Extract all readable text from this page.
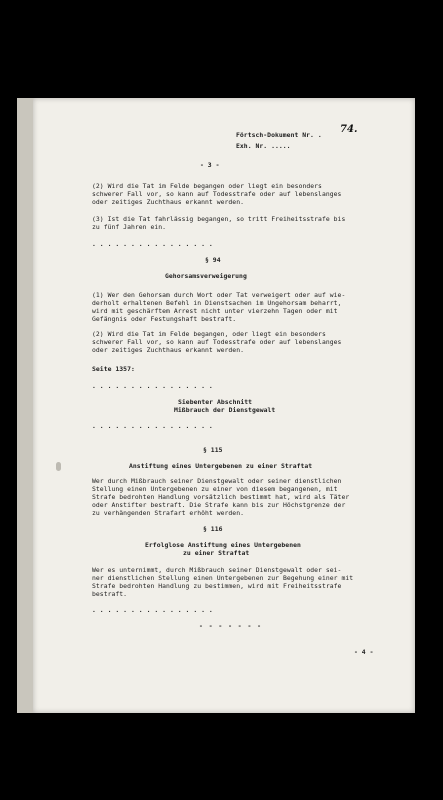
Förtsch-Dokument Nr. . 74.
Exh. Nr. .....
- 3 -
(2) Wird die Tat im Felde begangen oder liegt ein besonders
schwerer Fall vor, so kann auf Todesstrafe oder auf lebenslanges
oder zeitiges Zuchthaus erkannt werden.
(3) Ist die Tat fahrlässig begangen, so tritt Freiheitsstrafe bis
zu fünf Jahren ein.
. . . . . . . . . . . . . . . .
§ 94
Gehorsamsverweigerung
(1) Wer den Gehorsam durch Wort oder Tat verweigert oder auf wie-
derholt erhaltenen Befehl in Dienstsachen im Ungehorsam beharrt,
wird mit geschärftem Arrest nicht unter vierzehn Tagen oder mit
Gefängnis oder Festungshaft bestraft.
(2) Wird die Tat im Felde begangen, oder liegt ein besonders
schwerer Fall vor, so kann auf Todesstrafe oder auf lebenslanges
oder zeitiges Zuchthaus erkannt werden.
Seite 1357:
. . . . . . . . . . . . . . . .
Siebenter Abschnitt
Mißbrauch der Dienstgewalt
. . . . . . . . . . . . . . . .
§ 115
Anstiftung eines Untergebenen zu einer Straftat
Wer durch Mißbrauch seiner Dienstgewalt oder seiner dienstlichen
Stellung einen Untergebenen zu einer von diesem begangenen, mit
Strafe bedrohten Handlung vorsätzlich bestimmt hat, wird als Täter
oder Anstifter bestraft. Die Strafe kann bis zur Höchstgrenze der
zu verhängenden Strafart erhöht werden.
§ 116
Erfolglose Anstiftung eines Untergebenen
zu einer Straftat
Wer es unternimmt, durch Mißbrauch seiner Dienstgewalt oder sei-
ner dienstlichen Stellung einen Untergebenen zur Begehung einer mit
Strafe bedrohten Handlung zu bestimmen, wird mit Freiheitsstrafe
bestraft.
. . . . . . . . . . . . . . . .
- - - - - - -
- 4 -
